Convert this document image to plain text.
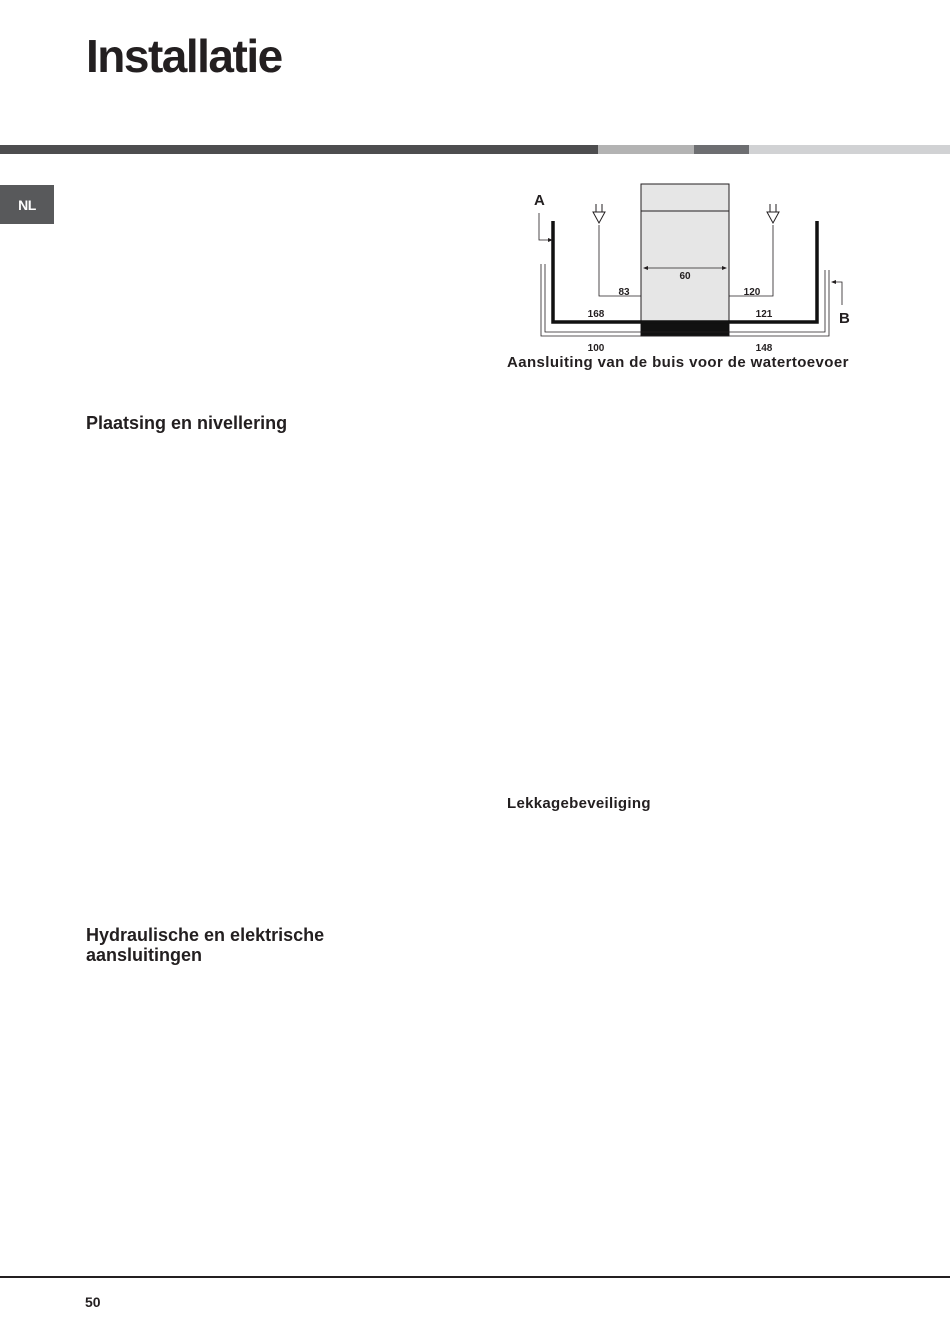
Installatie
NL
Plaatsing en nivellering
Hydraulische en elektrische aansluitingen
A
B
60
83	120
168	121
100	148
Aansluiting van de buis voor de watertoevoer
Lekkagebeveiliging
50
